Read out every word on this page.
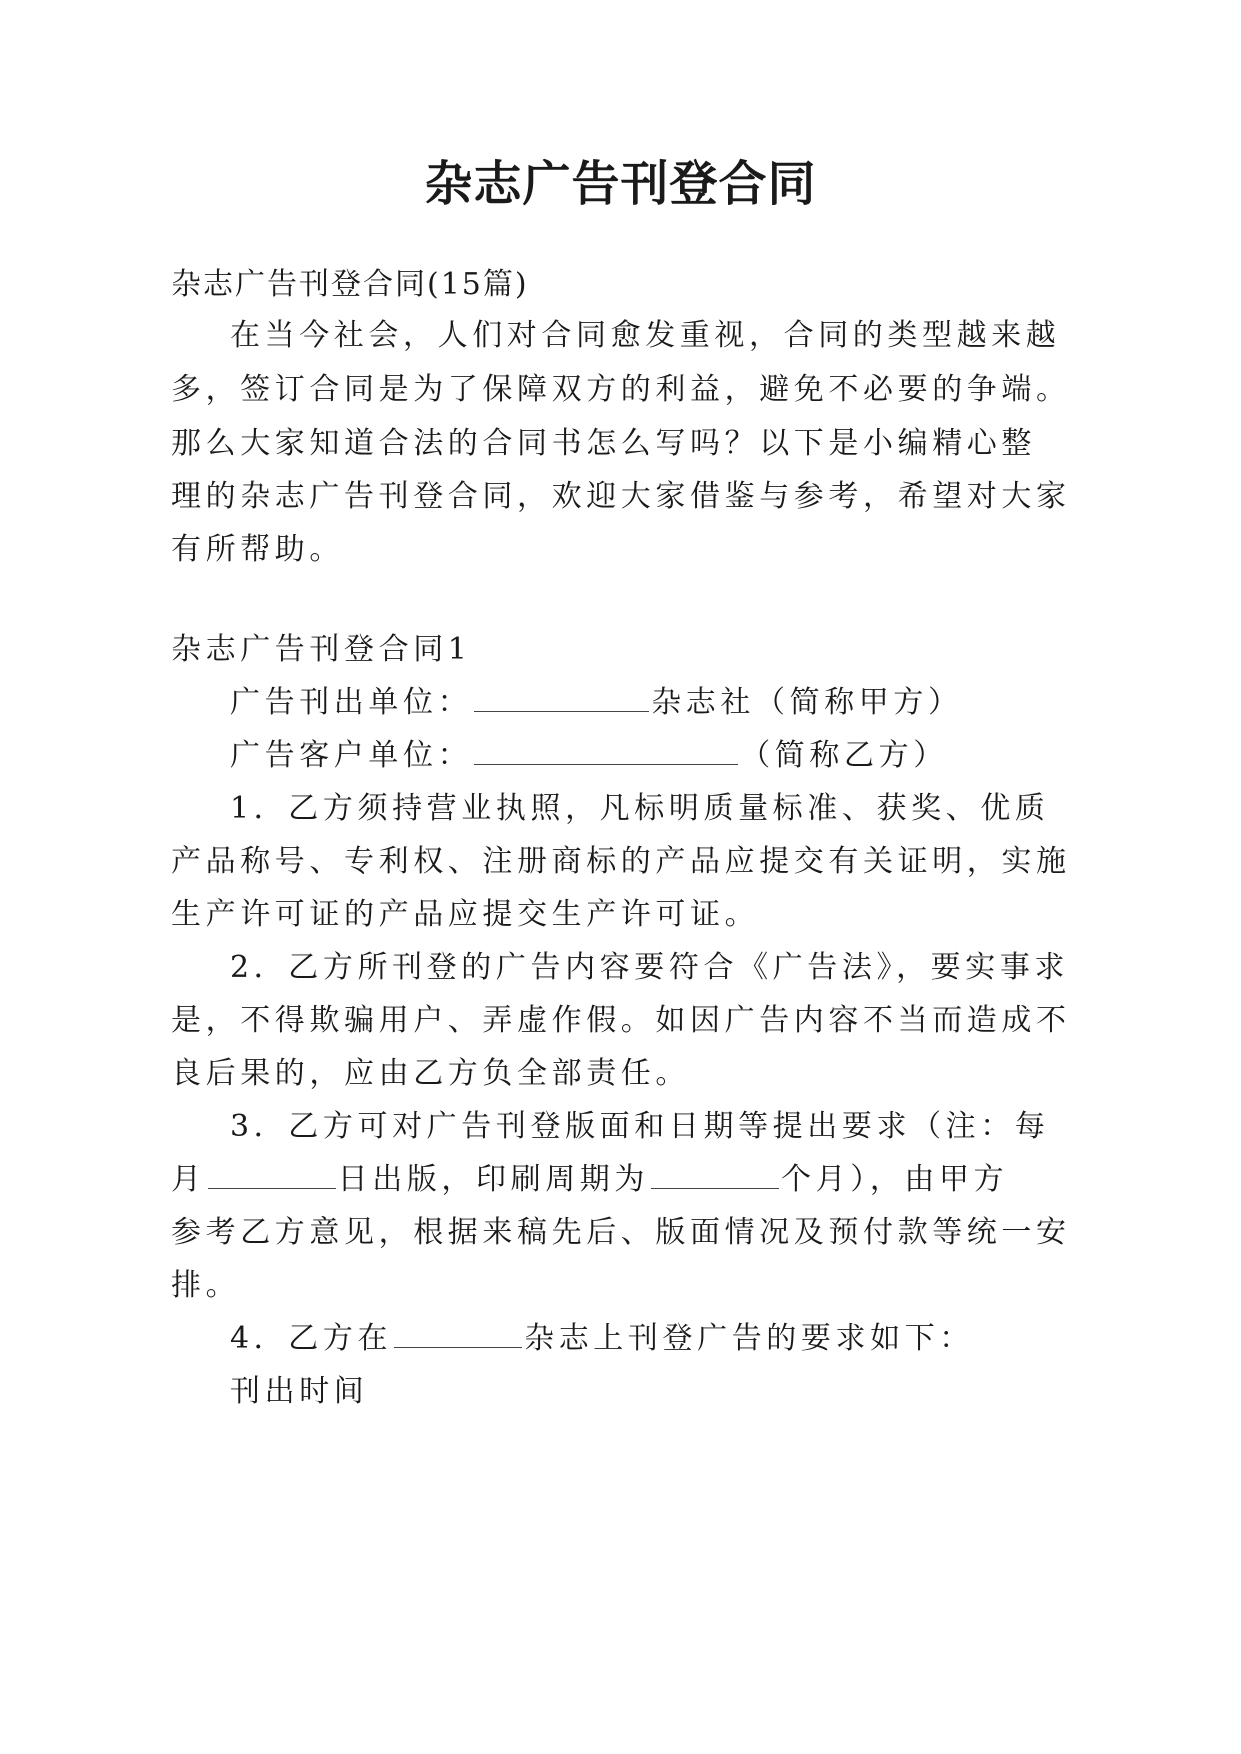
杂志广告刊登合同
杂志广告刊登合同(15篇)
在当今社会，人们对合同愈发重视，合同的类型越来越
多，签订合同是为了保障双方的利益，避免不必要的争端。
那么大家知道合法的合同书怎么写吗？以下是小编精心整
理的杂志广告刊登合同，欢迎大家借鉴与参考，希望对大家
有所帮助。
杂志广告刊登合同1
广告刊出单位：	杂志社（简称甲方）
广告客户单位：	（简称乙方）
1．乙方须持营业执照，凡标明质量标准、获奖、优质
产品称号、专利权、注册商标的产品应提交有关证明，实施
生产许可证的产品应提交生产许可证。
2．乙方所刊登的广告内容要符合《广告法》，要实事求
是，不得欺骗用户、弄虚作假。如因广告内容不当而造成不
良后果的，应由乙方负全部责任。
3．乙方可对广告刊登版面和日期等提出要求（注：每
月	日出版，印刷周期为	个月），由甲方
参考乙方意见，根据来稿先后、版面情况及预付款等统一安
排。
4．乙方在	杂志上刊登广告的要求如下：
刊出时间
